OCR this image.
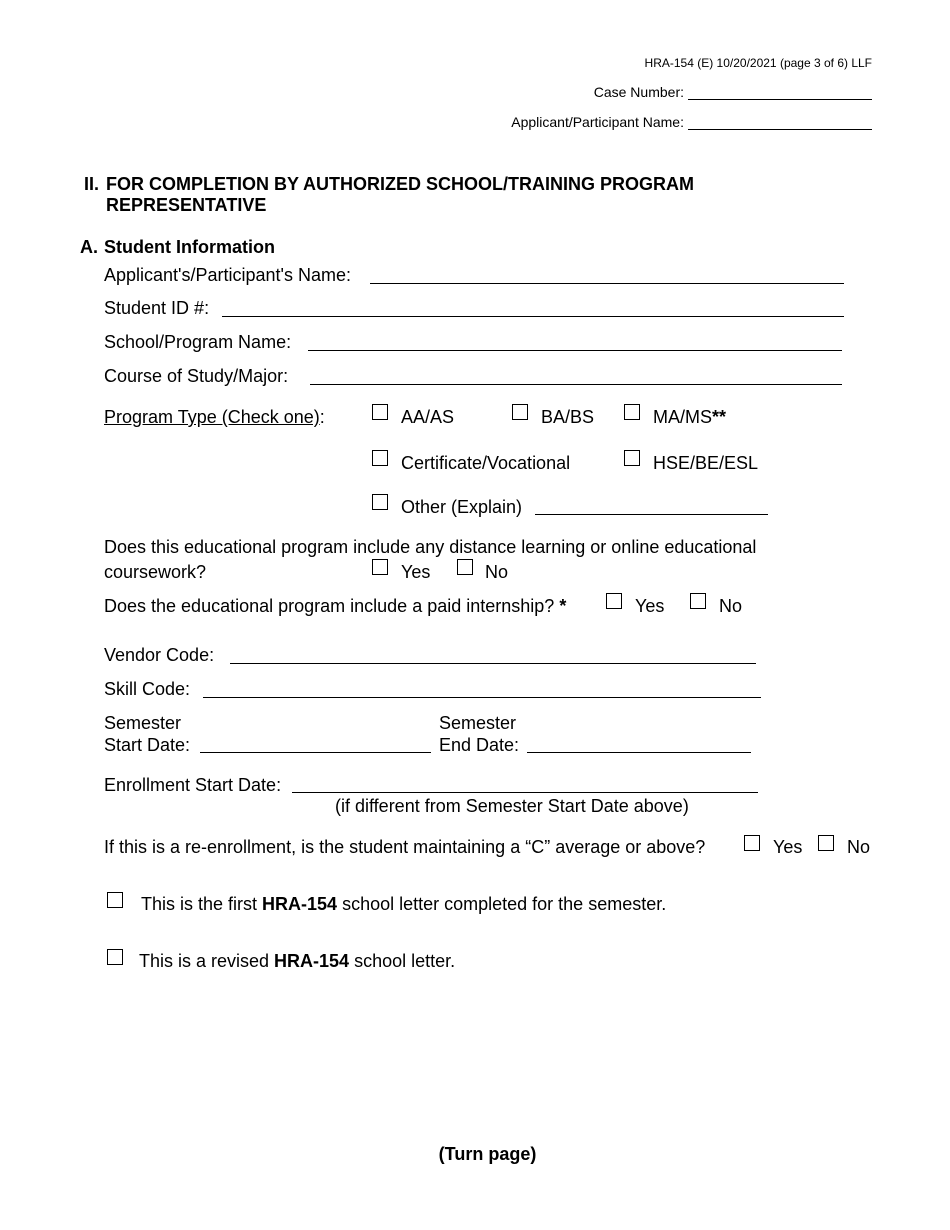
HRA-154 (E) 10/20/2021 (page 3 of 6) LLF
Case Number:
Applicant/Participant Name:
II. FOR COMPLETION BY AUTHORIZED SCHOOL/TRAINING PROGRAM
REPRESENTATIVE
A. Student Information
Applicant's/Participant's Name:
Student ID #:
School/Program Name:
Course of Study/Major:
Program Type (Check one):	AA/AS	BA/BS	MA/MS**
Certificate/Vocational	HSE/BE/ESL
Other (Explain)
Does this educational program include any distance learning or online educational
coursework?	Yes	No
Does the educational program include a paid internship? *	Yes	No
Vendor Code:
Skill Code:
Semester
Start Date:
Semester
End Date:
Enrollment Start Date:
(if different from Semester Start Date above)
If this is a re-enrollment, is the student maintaining a “C” average or above?	Yes No
This is the first HRA-154 school letter completed for the semester.
This is a revised HRA-154 school letter.
(Turn page)
